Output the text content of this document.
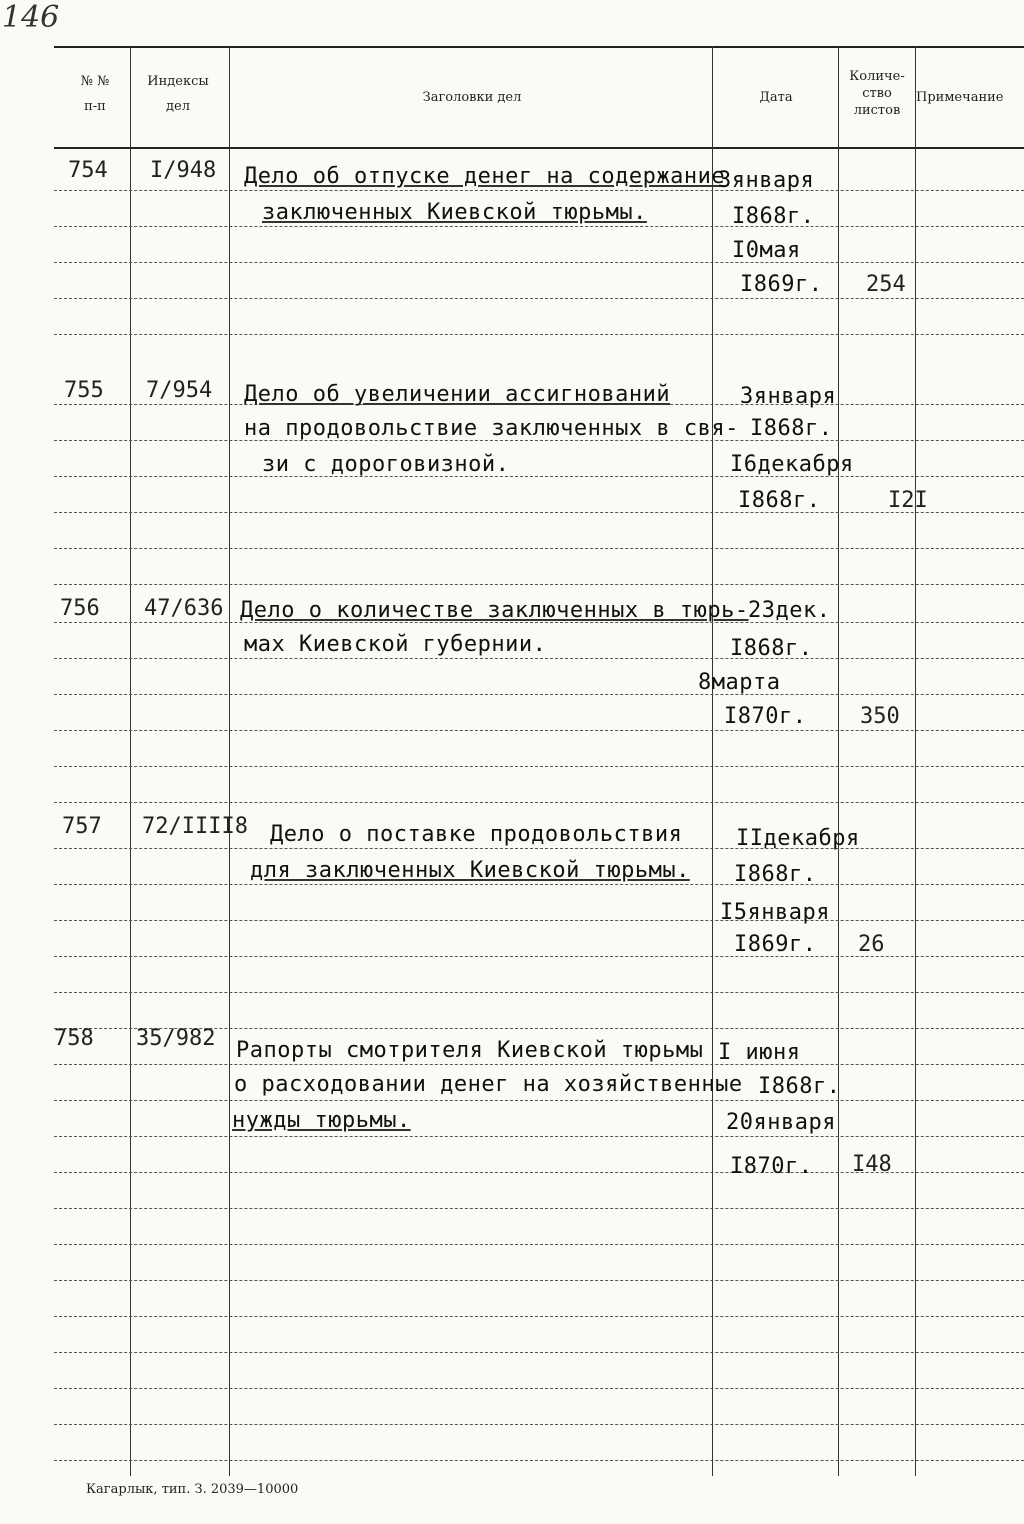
146
№ №
п-п
Индексы
дел
Заголовки дел	Дата
Количе-
ство
листов
Примечание
754 I/948 Дело об отпуске денег на содержание
заключенных Киевской тюрьмы.
3января
I868г.
I0мая
I869г. 254
755 7/954 Дело об увеличении ассигнований
на продовольствие заключенных в свя-
зи с дороговизной.
3января
I868г.
I6декабря
I868г.	I2I
756 47/636 Дело о количестве заключенных в тюрь-
мах Киевской губернии.
23дек.
I868г.
8марта
I870г. 350
757 72/IIII8 Дело о поставке продовольствия
для заключенных Киевской тюрьмы.
IIдекабря
I868г.
I5января
I869г. 26
758 35/982 Рапорты смотрителя Киевской тюрьмы
о расходовании денег на хозяйственные
нужды тюрьмы.
I июня
I868г.
20января
I870г. I48
Кагарлык, тип. З. 2039—10000
